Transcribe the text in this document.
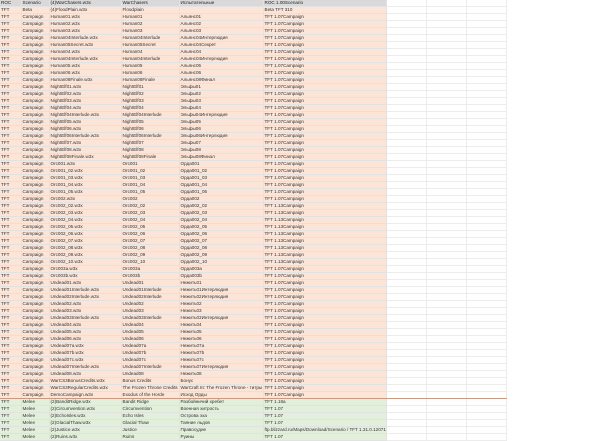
ROC	Scenario	(4)WarChasers.w3x	WarChasers	Испытательные	ROC 1.00Scenario			
TFT	Beta	(4)FloodPlain.w3x	Floodplain		Beta TFT 310			
TFT	Campaign	Human01.w3x	Human01	Альянс01	TFT 1.07Campaign			
TFT	Campaign	Human02.w3x	Human02	Альянс02	TFT 1.07Campaign			
TFT	Campaign	Human03.w3x	Human03	Альянс03	TFT 1.07Campaign			
TFT	Campaign	Human04Interlude.w3x	Human04Interlude	Альянс04Интерлюдия	TFT 1.07Campaign			
TFT	Campaign	Human05Secret.w3x	Human05Secret	Альянс04Секрет	TFT 1.07Campaign			
TFT	Campaign	Human04.w3x	Human04	Альянс04	TFT 1.07Campaign			
TFT	Campaign	Human04Interlude.w3x	Human04Interlude	Альянс04Интерлюдия	TFT 1.07Campaign			
TFT	Campaign	Human05.w3x	Human05	Альянс05	TFT 1.07Campaign			
TFT	Campaign	Human06.w3x	Human06	Альянс06	TFT 1.07Campaign			
TFT	Campaign	Human08Finale.w3x	Human08Finale	Альянс08Финал	TFT 1.07Campaign			
TFT	Campaign	NightElf01.w3x	NightElf01	Эльфы01	TFT 1.07Campaign			
TFT	Campaign	NightElf02.w3x	NightElf02	Эльфы02	TFT 1.07Campaign			
TFT	Campaign	NightElf03.w3x	NightElf03	Эльфы03	TFT 1.07Campaign			
TFT	Campaign	NightElf04.w3x	NightElf04	Эльфы04	TFT 1.07Campaign			
TFT	Campaign	NightElf04Interlude.w3x	NightElf04Interlude	Эльфы04Интерлюдия	TFT 1.07Campaign			
TFT	Campaign	NightElf05.w3x	NightElf05	Эльфы05	TFT 1.07Campaign			
TFT	Campaign	NightElf06.w3x	NightElf06	Эльфы06	TFT 1.07Campaign			
TFT	Campaign	NightElf06Interlude.w3x	NightElf06Interlude	Эльфы06Интерлюдия	TFT 1.07Campaign			
TFT	Campaign	NightElf07.w3x	NightElf07	Эльфы07	TFT 1.07Campaign			
TFT	Campaign	NightElf08.w3x	NightElf08	Эльфы08	TFT 1.07Campaign			
TFT	Campaign	NightElf08Finale.w3x	NightElf08Finale	Эльфы08Финал	TFT 1.07Campaign			
TFT	Campaign	Orc001.w3x	Orc001	Орда001	TFT 1.07Campaign			
TFT	Campaign	Orc001_02.w3x	Orc001_02	Орда001_02	TFT 1.07Campaign			
TFT	Campaign	Orc001_03.w3x	Orc001_03	Орда001_03	TFT 1.07Campaign			
TFT	Campaign	Orc001_04.w3x	Orc001_04	Орда001_04	TFT 1.07Campaign			
TFT	Campaign	Orc001_05.w3x	Orc001_05	Орда001_05	TFT 1.07Campaign			
TFT	Campaign	Orc002.w3x	Orc002	Орда002	TFT 1.07Campaign			
TFT	Campaign	Orc002_02.w3x	Orc002_02	Орда002_02	TFT 1.13Campaign			
TFT	Campaign	Orc002_03.w3x	Orc002_03	Орда002_03	TFT 1.13Campaign			
TFT	Campaign	Orc002_04.w3x	Orc002_04	Орда002_04	TFT 1.13Campaign			
TFT	Campaign	Orc002_05.w3x	Orc002_05	Орда002_05	TFT 1.13Campaign			
TFT	Campaign	Orc002_06.w3x	Orc002_06	Орда002_06	TFT 1.13Campaign			
TFT	Campaign	Orc002_07.w3x	Orc002_07	Орда002_07	TFT 1.13Campaign			
TFT	Campaign	Orc002_08.w3x	Orc002_08	Орда002_08	TFT 1.13Campaign			
TFT	Campaign	Orc002_09.w3x	Orc002_09	Орда002_09	TFT 1.13Campaign			
TFT	Campaign	Orc002_10.w3x	Orc002_10	Орда002_10	TFT 1.13Campaign			
TFT	Campaign	Orc003a.w3x	Orc003a	Орда003a	TFT 1.07Campaign			
TFT	Campaign	Orc003b.w3x	Orc003b	Орда003b	TFT 1.07Campaign			
TFT	Campaign	Undead01.w3x	Undead01	Нежить01	TFT 1.07Campaign			
TFT	Campaign	Undead01Interlude.w3x	Undead01Interlude	Нежить01Интерлюдия	TFT 1.07Campaign			
TFT	Campaign	Undead02Interlude.w3x	Undead02Interlude	Нежить02Интерлюдия	TFT 1.07Campaign			
TFT	Campaign	Undead02.w3x	Undead02	Нежить02	TFT 1.07Campaign			
TFT	Campaign	Undead03.w3x	Undead03	Нежить03	TFT 1.07Campaign			
TFT	Campaign	Undead03Interlude.w3x	Undead03Interlude	Нежить03Интерлюдия	TFT 1.07Campaign			
TFT	Campaign	Undead04.w3x	Undead04	Нежить04	TFT 1.07Campaign			
TFT	Campaign	Undead05.w3x	Undead05	Нежить05	TFT 1.07Campaign			
TFT	Campaign	Undead06.w3x	Undead06	Нежить06	TFT 1.07Campaign			
TFT	Campaign	Undead07a.w3x	Undead07a	Нежить07a	TFT 1.07Campaign			
TFT	Campaign	Undead07b.w3x	Undead07b	Нежить07b	TFT 1.07Campaign			
TFT	Campaign	Undead07c.w3x	Undead07c	Нежить07c	TFT 1.07Campaign			
TFT	Campaign	Undead07Interlude.w3x	Undead07Interlude	Нежить07Интерлюдия	TFT 1.07Campaign			
TFT	Campaign	Undead08.w3x	Undead08	Нежить08	TFT 1.07Campaign			
TFT	Campaign	WarCS3BonusCredits.w3x	Bonus Credits	Бонус	TFT 1.07Campaign			
TFT	Campaign	WarCS3RegularCredits.w3x	The Frozen Throne Credits	WarCraft III: The Frozen Throne - титры	TFT 1.07Campaign			
TFT	Campaign	DemoCampaign.w3x	Exodus of the Horde	Исход Орды	TFT 1.07Campaign			
TFT	Melee	(2)BanditRidge.w3x	Bandit Ridge	Разбойничий хребет	TFT 1.18a			
TFT	Melee	(2)Circumvention.w3x	Circumvention	Военная хитрость	TFT 1.07			
TFT	Melee	(2)EchoIsles.w3x	Echo Isles	Острова эха	TFT 1.07			
TFT	Melee	(2)GlacialThaw.w3x	Glacial Thaw	Таяние льдов	TFT 1.07			
TFT	Melee	(2)Justice.w3x	Justice	Правосудие	ftp.blizzard.ru/Maps/Download/Scenario / TFT 1.31.0.12071			
TFT	Melee	(2)Ruins.w3x	Ruins	Руины	TFT 1.07			
